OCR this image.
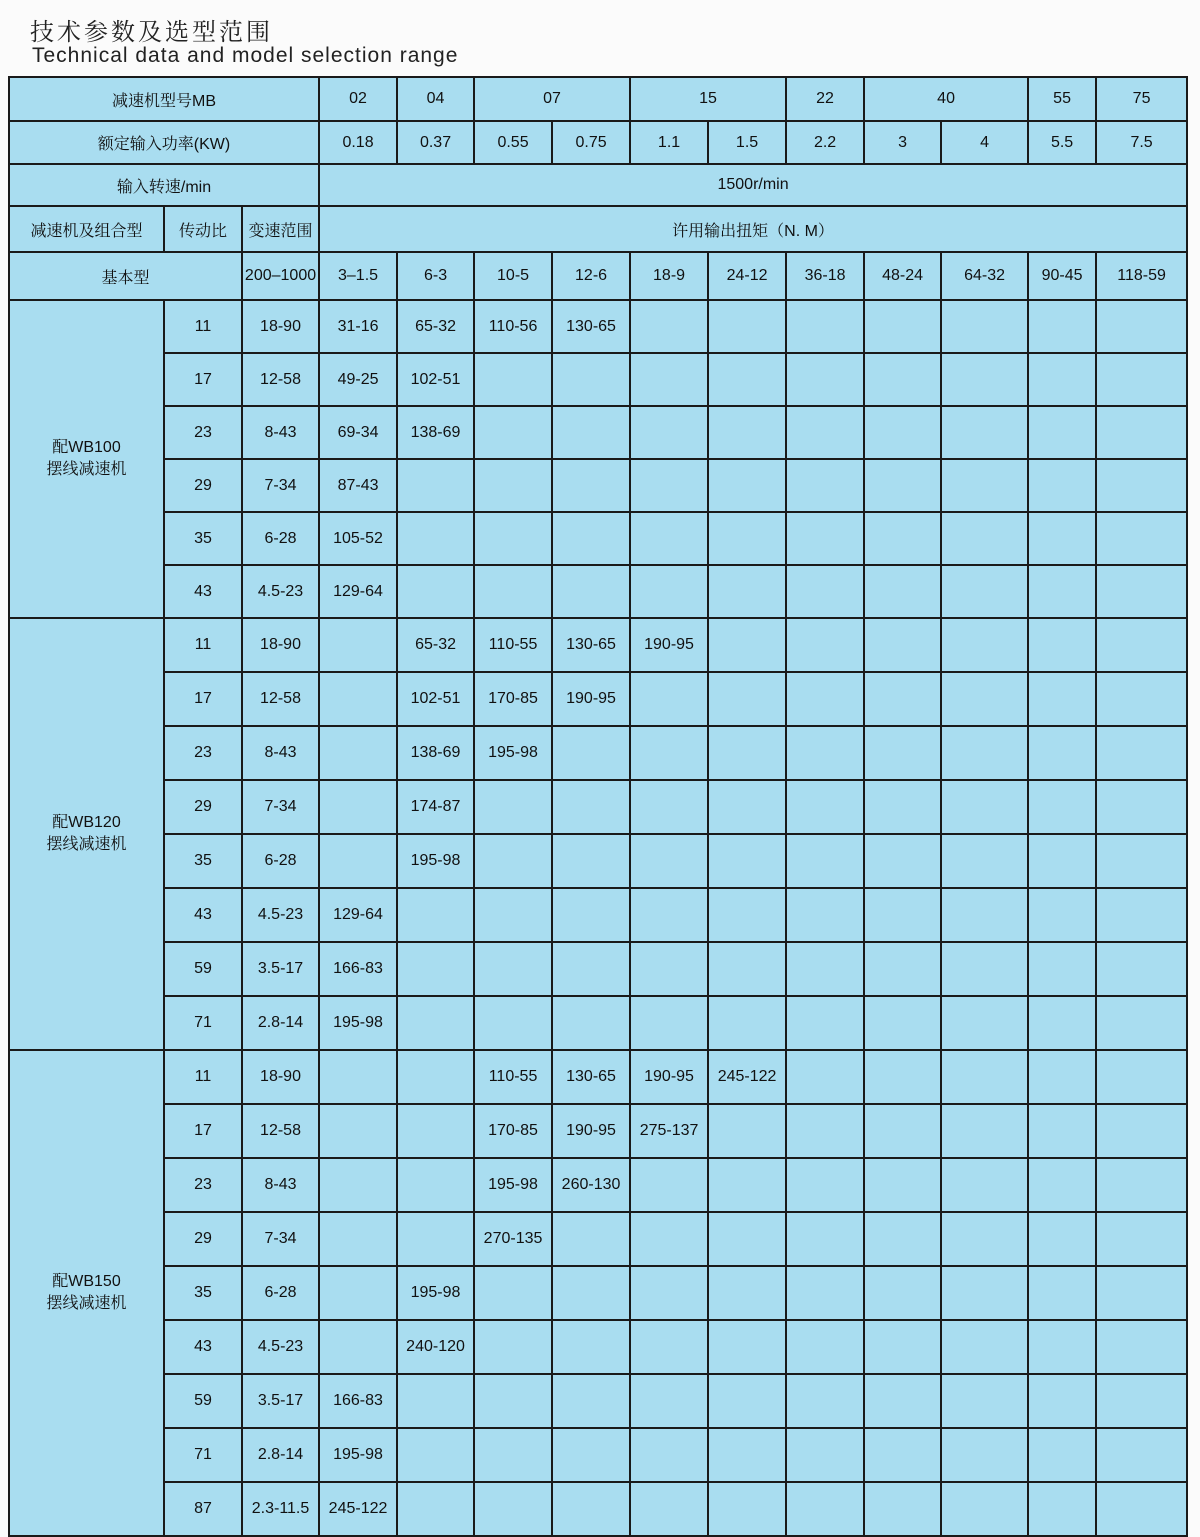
技术参数及选型范围
Technical data and model selection range
减速机型号MB			02	04	07		15		22	40		55	75
额定输入功率(KW)			0.18	0.37	0.55	0.75	1.1	1.5	2.2	3	4	5.5	7.5
输入转速/min			1500r/min										
减速机及组合型	传动比	变速范围	许用输出扭矩（N. M）										
基本型		200–1000	3–1.5	6-3	10-5	12-6	18-9	24-12	36-18	48-24	64-32	90-45	118-59

配WB100
摆线减速机	11	18-90	31-16	65-32	110-56	130-65							
	17	12-58	49-25	102-51									
	23	8-43	69-34	138-69									
	29	7-34	87-43										
	35	6-28	105-52										
	43	4.5-23	129-64										

配WB120
摆线减速机	11	18-90		65-32	110-55	130-65	190-95						
	17	12-58		102-51	170-85	190-95							
	23	8-43		138-69	195-98								
	29	7-34		174-87									
	35	6-28		195-98									
	43	4.5-23	129-64										
	59	3.5-17	166-83										
	71	2.8-14	195-98										

配WB150
摆线减速机	11	18-90			110-55	130-65	190-95	245-122					
	17	12-58			170-85	190-95	275-137						
	23	8-43			195-98	260-130							
	29	7-34			270-135								
	35	6-28		195-98									
	43	4.5-23		240-120									
	59	3.5-17	166-83										
	71	2.8-14	195-98										
	87	2.3-11.5	245-122										
